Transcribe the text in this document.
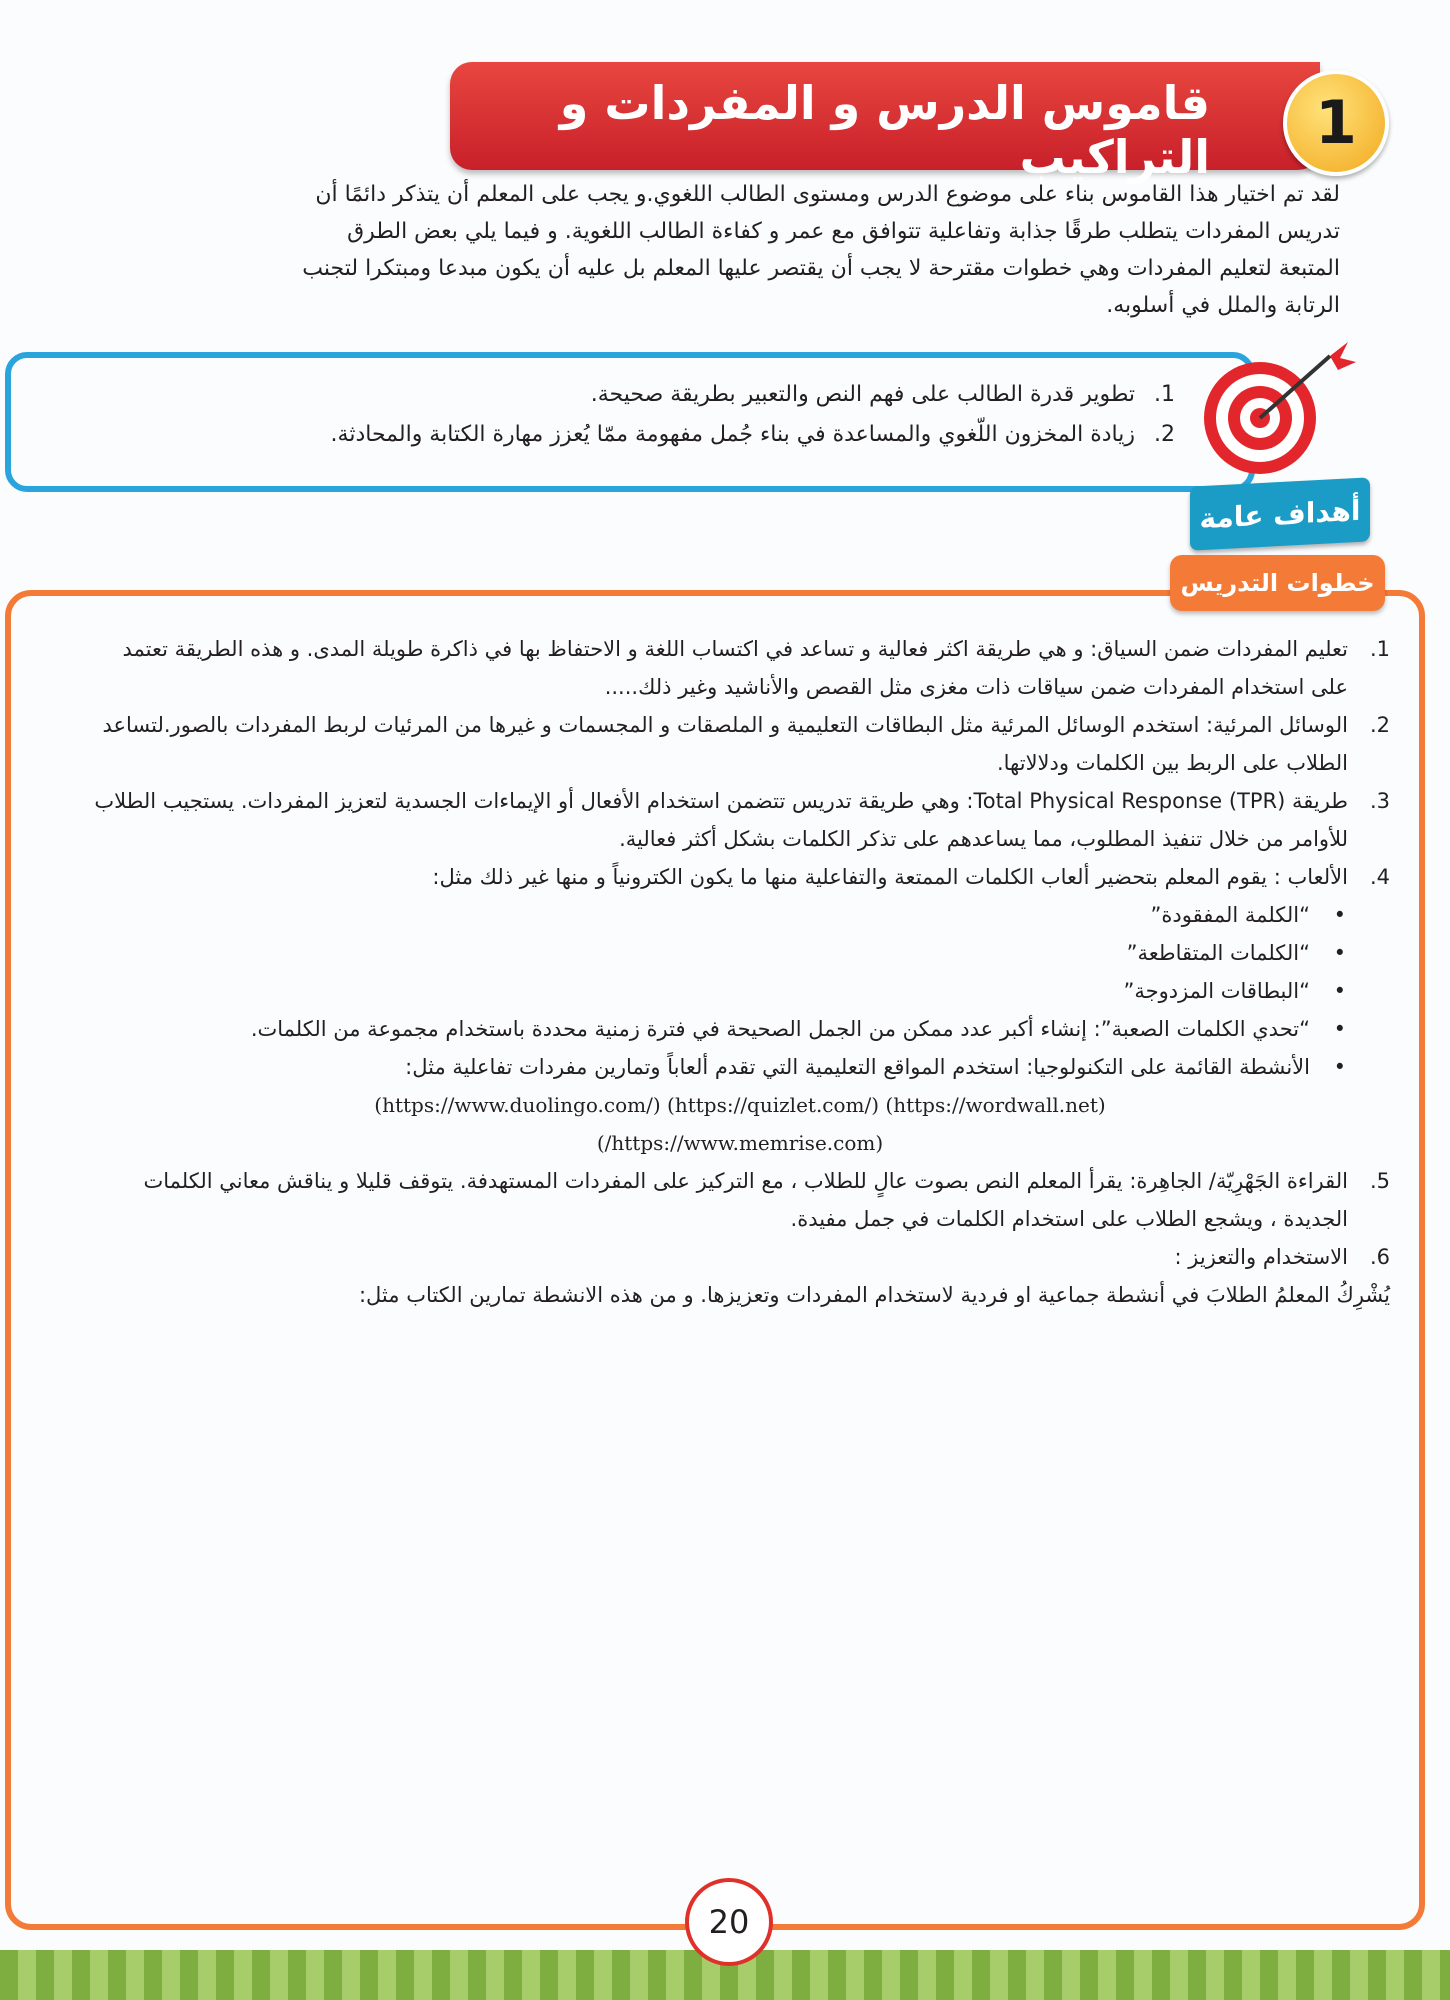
قاموس الدرس و المفردات و التراكيب	1
لقد تم اختيار هذا القاموس بناء على موضوع الدرس ومستوى الطالب اللغوي.و يجب على المعلم أن يتذكر دائمًا أن تدريس المفردات يتطلب طرقًا جذابة وتفاعلية تتوافق مع عمر و كفاءة الطالب اللغوية. و فيما يلي بعض الطرق المتبعة لتعليم المفردات وهي خطوات مقترحة لا يجب أن يقتصر عليها المعلم بل عليه أن يكون مبدعا ومبتكرا لتجنب الرتابة والملل في أسلوبه.
1.تطوير قدرة الطالب على فهم النص والتعبير بطريقة صحيحة.
2.زيادة المخزون اللّغوي والمساعدة في بناء جُمل مفهومة ممّا يُعزز مهارة الكتابة والمحادثة.
أهداف عامة
خطوات التدريس
1.
تعليم المفردات ضمن السياق: و هي طريقة اكثر فعالية و تساعد في اكتساب اللغة و الاحتفاظ بها في ذاكرة طويلة المدى. و هذه الطريقة تعتمد على استخدام المفردات ضمن سياقات ذات مغزى مثل القصص والأناشيد وغير ذلك.....
2.
الوسائل المرئية: استخدم الوسائل المرئية مثل البطاقات التعليمية و الملصقات و المجسمات و غيرها من المرئيات لربط المفردات بالصور.لتساعد الطلاب على الربط بين الكلمات ودلالاتها.
3.
طريقة Total Physical Response (TPR): وهي طريقة تدريس تتضمن استخدام الأفعال أو الإيماءات الجسدية لتعزيز المفردات. يستجيب الطلاب للأوامر من خلال تنفيذ المطلوب، مما يساعدهم على تذكر الكلمات بشكل أكثر فعالية.
4.
الألعاب : يقوم المعلم بتحضير ألعاب الكلمات الممتعة والتفاعلية منها ما يكون الكترونياً و منها غير ذلك مثل:
• “الكلمة المفقودة”
• “الكلمات المتقاطعة”
• “البطاقات المزدوجة”
• “تحدي الكلمات الصعبة”: إنشاء أكبر عدد ممكن من الجمل الصحيحة في فترة زمنية محددة باستخدام مجموعة من الكلمات.
• الأنشطة القائمة على التكنولوجيا: استخدم المواقع التعليمية التي تقدم ألعاباً وتمارين مفردات تفاعلية مثل:
(https://www.duolingo.com/) (https://quizlet.com/) (https://wordwall.net)
(/https://www.memrise.com)
5.
القراءة الجَهْرِيّة/ الجاهِرة: يقرأ المعلم النص بصوت عالٍ للطلاب ، مع التركيز على المفردات المستهدفة. يتوقف قليلا و يناقش معاني الكلمات الجديدة ، ويشجع الطلاب على استخدام الكلمات في جمل مفيدة.
6.
الاستخدام والتعزيز :
يُشْرِكُ المعلمُ الطلابَ في أنشطة جماعية او فردية لاستخدام المفردات وتعزيزها. و من هذه الانشطة تمارين الكتاب مثل:
20
